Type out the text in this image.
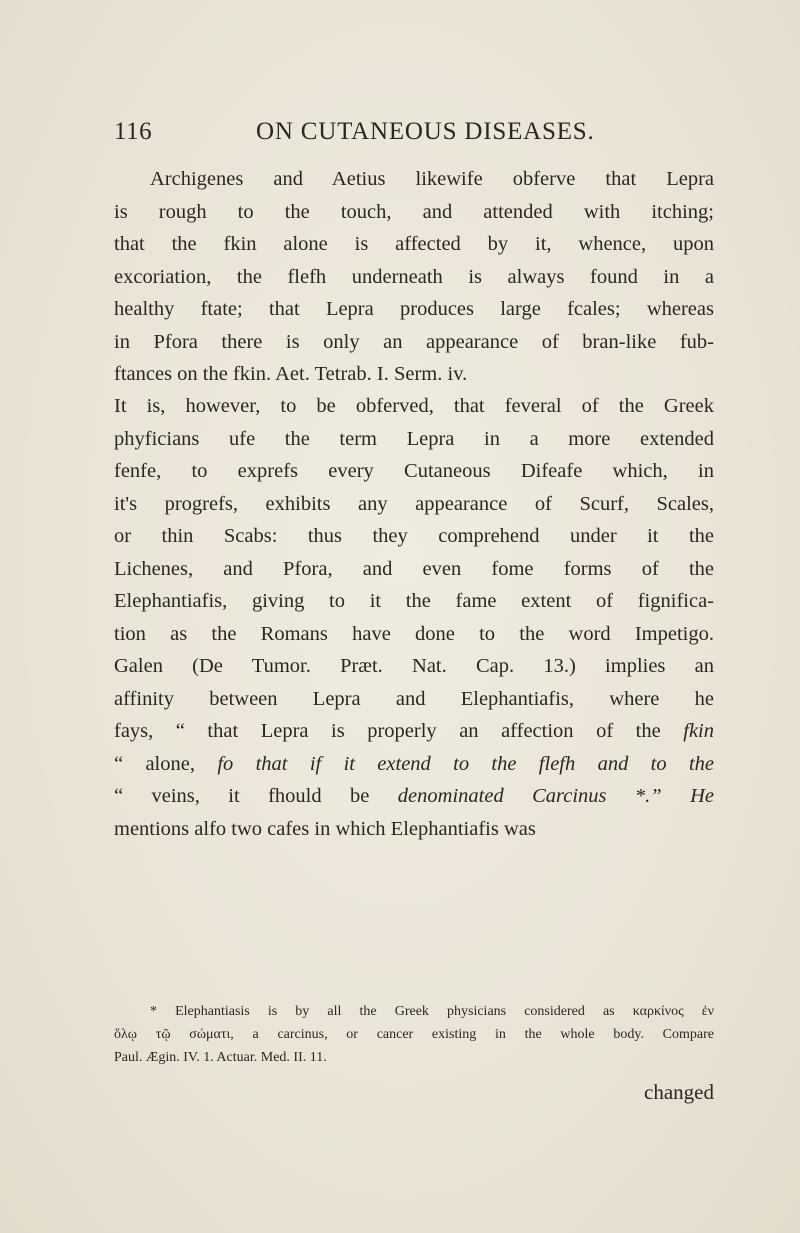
116	ON CUTANEOUS DISEASES.
Archigenes and Aetius likewife obferve that Lepra
is rough to the touch, and attended with itching;
that the fkin alone is affected by it, whence, upon
excoriation, the flefh underneath is always found in a
healthy ftate; that Lepra produces large fcales; whereas
in Pfora there is only an appearance of bran-like fub-
ftances on the fkin. Aet. Tetrab. I. Serm. iv.
It is, however, to be obferved, that feveral of the Greek
phyficians ufe the term Lepra in a more extended
fenfe, to exprefs every Cutaneous Difeafe which, in
it's progrefs, exhibits any appearance of Scurf, Scales,
or thin Scabs: thus they comprehend under it the
Lichenes, and Pfora, and even fome forms of the
Elephantiafis, giving to it the fame extent of fignifica-
tion as the Romans have done to the word Impetigo.
Galen (De Tumor. Præt. Nat. Cap. 13.) implies an
affinity between Lepra and Elephantiafis, where he
fays, “ that Lepra is properly an affection of the fkin
“ alone, fo that if it extend to the flefh and to the
“ veins, it fhould be denominated Carcinus *.” He
mentions alfo two cafes in which Elephantiafis was
* Elephantiasis is by all the Greek physicians considered as καρκίνος ἐν
ὅλῳ τῷ σώματι, a carcinus, or cancer existing in the whole body. Compare
Paul. Ægin. IV. 1. Actuar. Med. II. 11.
changed
